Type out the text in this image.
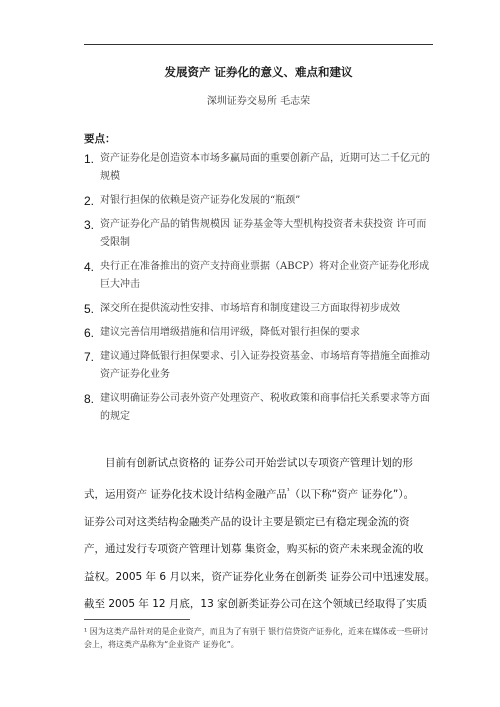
发展资产 证券化的意义、难点和建议
深圳证券交易所 毛志荣
要点：
1. 资产证券化是创造资本市场多赢局面的重要创新产品，近期可达二千亿元的规模
2. 对银行担保的依赖是资产证券化发展的“瓶颈”
3. 资产证券化产品的销售规模因 证券基金等大型机构投资者未获投资 许可而受限制
4. 央行正在准备推出的资产支持商业票据（ABCP）将对企业资产证券化形成巨大冲击
5. 深交所在提供流动性安排、市场培育和制度建设三方面取得初步成效
6. 建议完善信用增级措施和信用评级，降低对银行担保的要求
7. 建议通过降低银行担保要求、引入证券投资基金、市场培育等措施全面推动资产证券化业务
8. 建议明确证券公司表外资产处理资产、税收政策和商事信托关系要求等方面的规定

目前有创新试点资格的 证券公司开始尝试以专项资产管理计划的形
式，运用资产 证券化技术设计结构金融产品$^{^1}$（以下称“资产 证券化”）。
证券公司对这类结构金融类产品的设计主要是锁定已有稳定现金流的资
产，通过发行专项资产管理计划募 集资金，购买标的资产未来现金流的收
益权。2005 年 6 月以来，资产证券化业务在创新类 证券公司中迅速发展。
截至 2005 年 12 月底，13 家创新类证券公司在这个领域已经取得了实质

¹ 因为这类产品针对的是企业资产，而且为了有别于 银行信贷资产证券化，近来在媒体或一些研讨会上，将这类产品称为“企业资产 证券化”。
